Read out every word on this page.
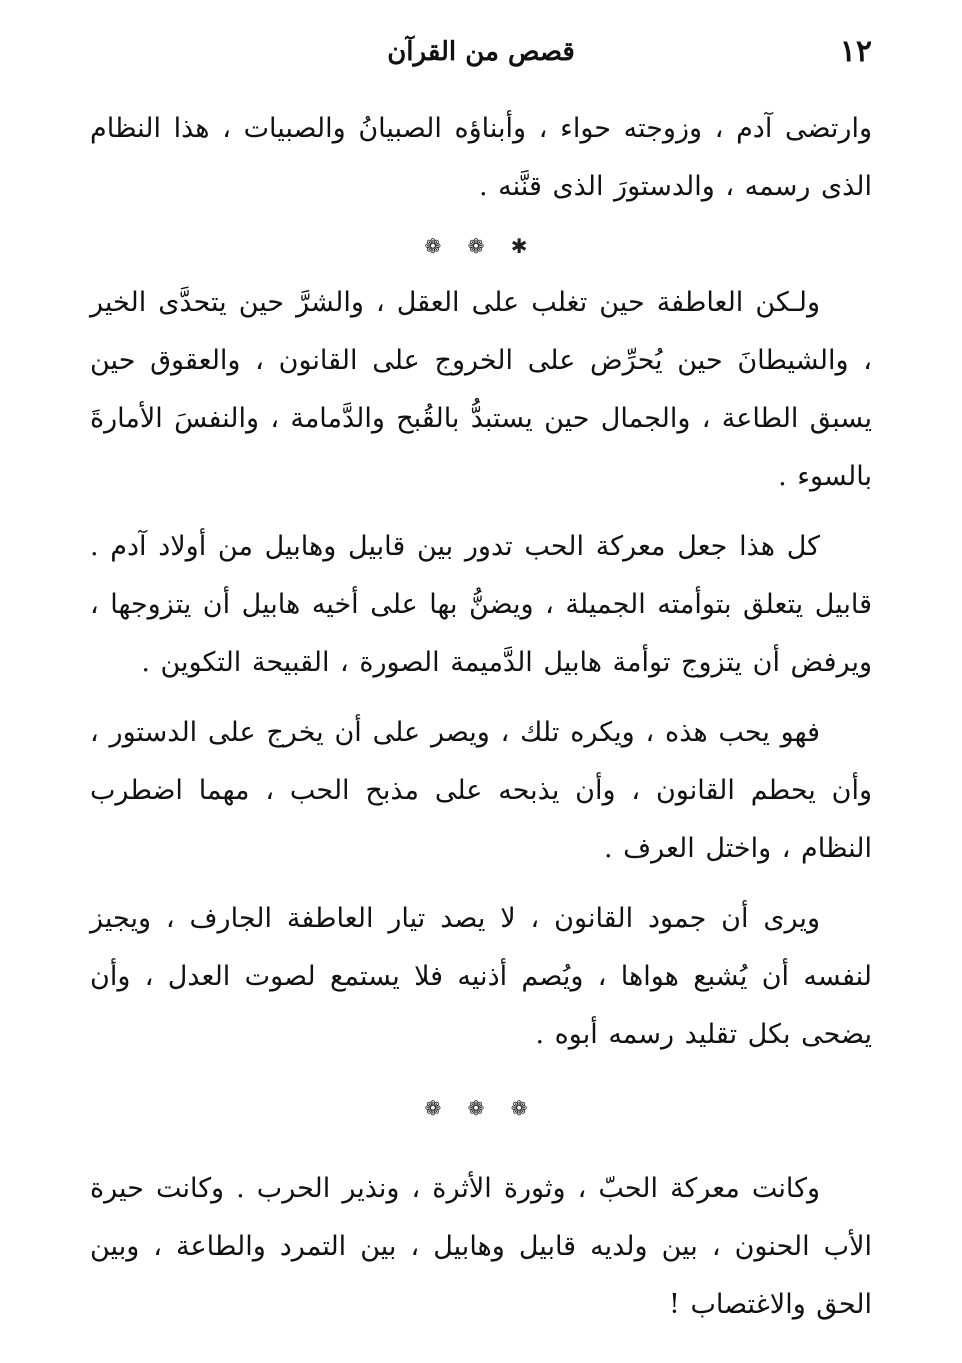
١٢
قصص من القرآن

وارتضى آدم ، وزوجته حواء ، وأبناؤه الصبيانُ والصبيات ، هذا النظام الذى رسمه ، والدستورَ الذى قنَّنه .

❁ ❁ ✱

ولـكن العاطفة حين تغلب على العقل ، والشرَّ حين يتحدَّى الخير ، والشيطانَ حين يُحرِّض على الخروج على القانون ، والعقوق حين يسبق الطاعة ، والجمال حين يستبدُّ بالقُبح والدَّمامة ، والنفسَ الأمارةَ بالسوء .

كل هذا جعل معركة الحب تدور بين قابيل وهابيل من أولاد آدم . قابيل يتعلق بتوأمته الجميلة ، ويضنُّ بها على أخيه هابيل أن يتزوجها ، ويرفض أن يتزوج توأمة هابيل الدَّميمة الصورة ، القبيحة التكوين .

فهو يحب هذه ، ويكره تلك ، ويصر على أن يخرج على الدستور ، وأن يحطم القانون ، وأن يذبحه على مذبح الحب ، مهما اضطرب النظام ، واختل العرف .

ويرى أن جمود القانون ، لا يصد تيار العاطفة الجارف ، ويجيز لنفسه أن يُشبع هواها ، ويُصم أذنيه فلا يستمع لصوت العدل ، وأن يضحى بكل تقليد رسمه أبوه .

❁ ❁ ❁

وكانت معركة الحبّ ، وثورة الأثرة ، ونذير الحرب . وكانت حيرة الأب الحنون ، بين ولديه قابيل وهابيل ، بين التمرد والطاعة ، وبين الحق والاغتصاب !
